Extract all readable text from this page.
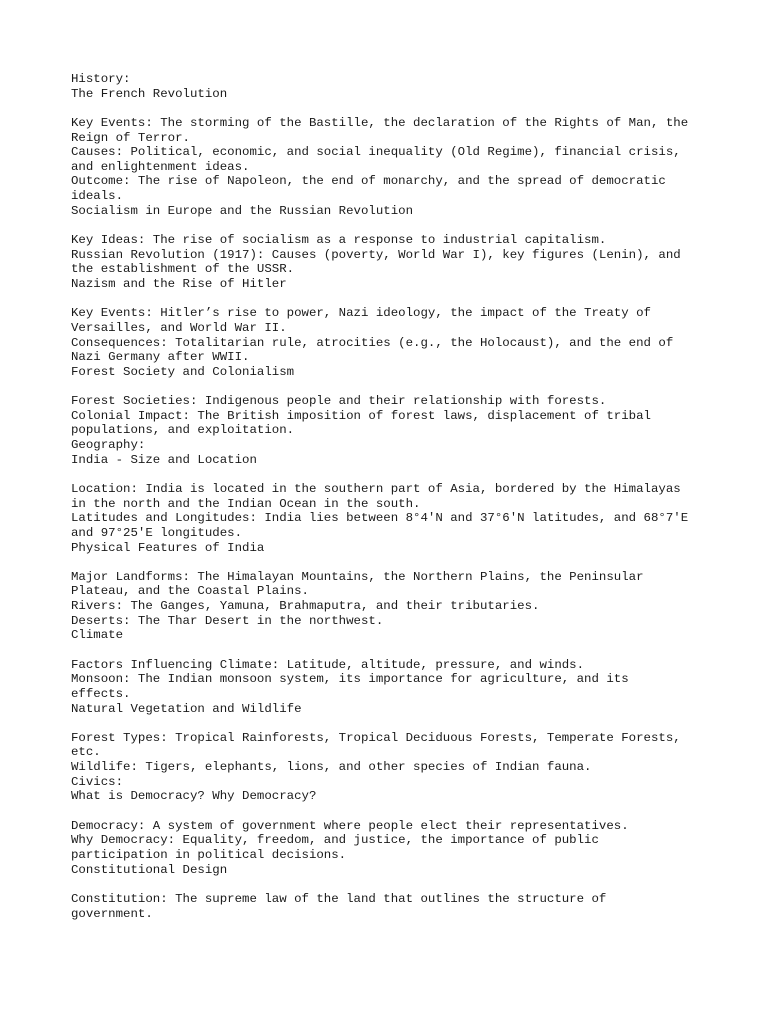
History:
The French Revolution
Key Events: The storming of the Bastille, the declaration of the Rights of Man, the
Reign of Terror.
Causes: Political, economic, and social inequality (Old Regime), financial crisis,
and enlightenment ideas.
Outcome: The rise of Napoleon, the end of monarchy, and the spread of democratic
ideals.
Socialism in Europe and the Russian Revolution
Key Ideas: The rise of socialism as a response to industrial capitalism.
Russian Revolution (1917): Causes (poverty, World War I), key figures (Lenin), and
the establishment of the USSR.
Nazism and the Rise of Hitler
Key Events: Hitler’s rise to power, Nazi ideology, the impact of the Treaty of
Versailles, and World War II.
Consequences: Totalitarian rule, atrocities (e.g., the Holocaust), and the end of
Nazi Germany after WWII.
Forest Society and Colonialism
Forest Societies: Indigenous people and their relationship with forests.
Colonial Impact: The British imposition of forest laws, displacement of tribal
populations, and exploitation.
Geography:
India - Size and Location
Location: India is located in the southern part of Asia, bordered by the Himalayas
in the north and the Indian Ocean in the south.
Latitudes and Longitudes: India lies between 8°4'N and 37°6'N latitudes, and 68°7'E
and 97°25'E longitudes.
Physical Features of India
Major Landforms: The Himalayan Mountains, the Northern Plains, the Peninsular
Plateau, and the Coastal Plains.
Rivers: The Ganges, Yamuna, Brahmaputra, and their tributaries.
Deserts: The Thar Desert in the northwest.
Climate
Factors Influencing Climate: Latitude, altitude, pressure, and winds.
Monsoon: The Indian monsoon system, its importance for agriculture, and its
effects.
Natural Vegetation and Wildlife
Forest Types: Tropical Rainforests, Tropical Deciduous Forests, Temperate Forests,
etc.
Wildlife: Tigers, elephants, lions, and other species of Indian fauna.
Civics:
What is Democracy? Why Democracy?
Democracy: A system of government where people elect their representatives.
Why Democracy: Equality, freedom, and justice, the importance of public
participation in political decisions.
Constitutional Design
Constitution: The supreme law of the land that outlines the structure of
government.
